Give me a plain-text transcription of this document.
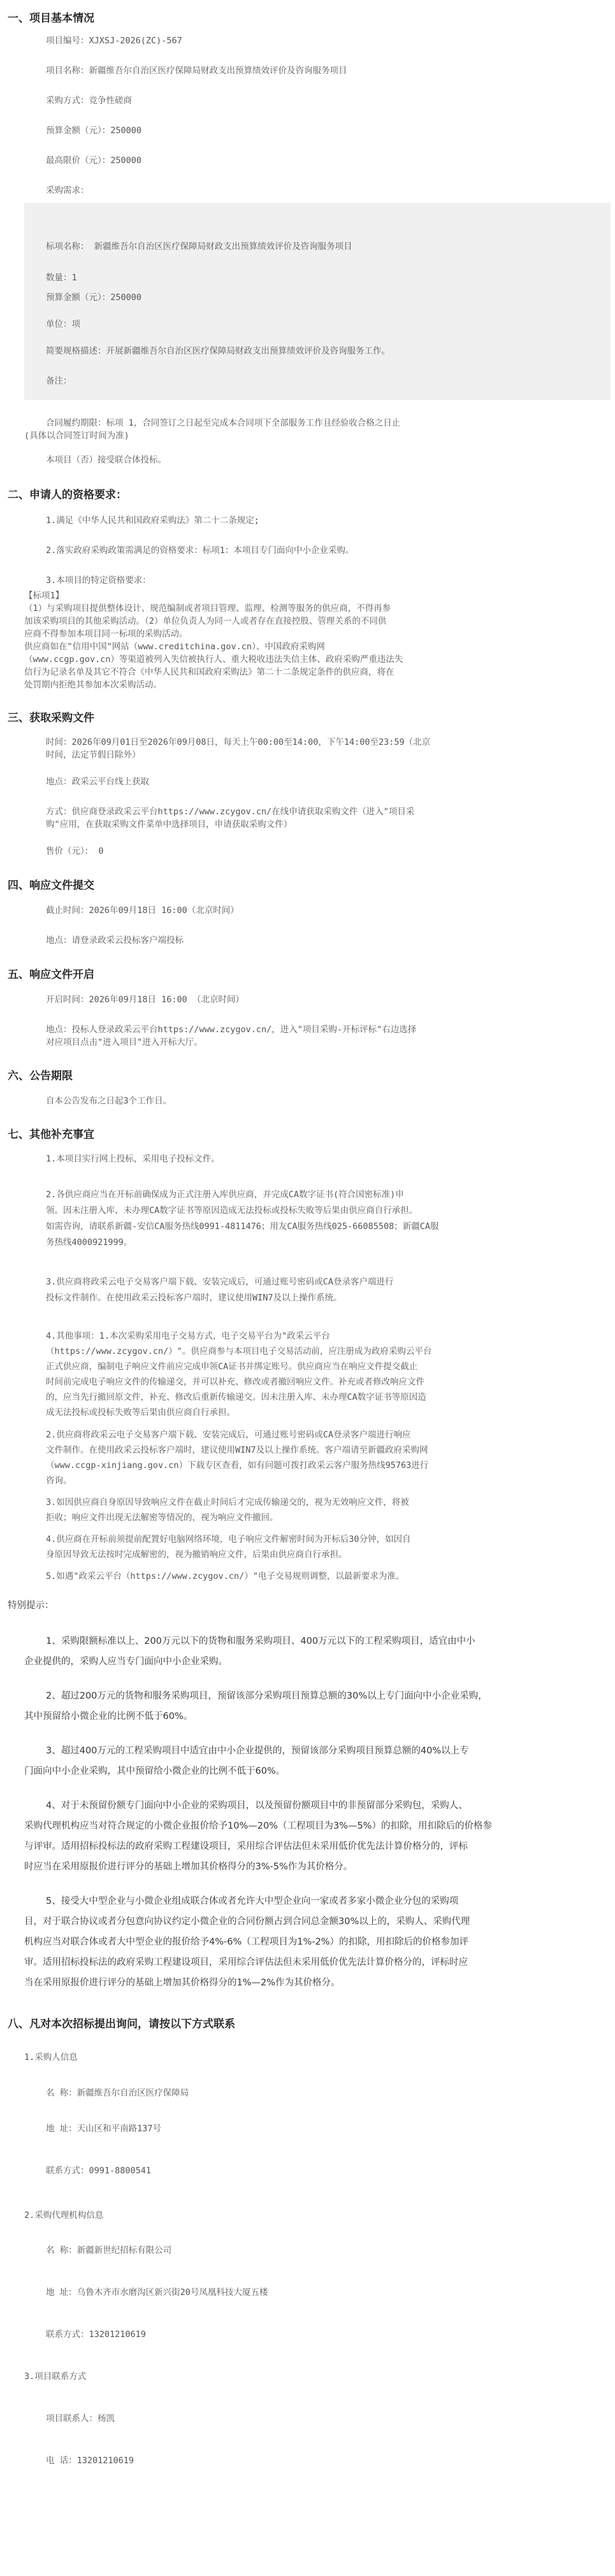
一、项目基本情况
项目编号：XJXSJ-2026(ZC)-567
项目名称：新疆维吾尔自治区医疗保障局财政支出预算绩效评价及咨询服务项目
采购方式：竞争性磋商
预算金额（元）：250000
最高限价（元）：250000
采购需求：
标项名称： 新疆维吾尔自治区医疗保障局财政支出预算绩效评价及咨询服务项目
数量：1
预算金额（元）：250000
单位：项
简要规格描述：开展新疆维吾尔自治区医疗保障局财政支出预算绩效评价及咨询服务工作。
备注：
合同履约期限：标项 1，合同签订之日起至完成本合同项下全部服务工作且经验收合格之日止
(具体以合同签订时间为准)
本项目（否）接受联合体投标。
二、申请人的资格要求：
1.满足《中华人民共和国政府采购法》第二十二条规定;
2.落实政府采购政策需满足的资格要求：标项1：本项目专门面向中小企业采购。
3.本项目的特定资格要求：
【标项1】
（1）与采购项目提供整体设计、规范编制或者项目管理、监理、检测等服务的供应商，不得再参
加该采购项目的其他采购活动。（2）单位负责人为同一人或者存在直接控股、管理关系的不同供
应商不得参加本项目同一标项的采购活动。
供应商如在"信用中国"网站（www.creditchina.gov.cn）、中国政府采购网
（www.ccgp.gov.cn）等渠道被列入失信被执行人、重大税收违法失信主体、政府采购严重违法失
信行为记录名单及其它不符合《中华人民共和国政府采购法》第二十二条规定条件的供应商，将在
处罚期内拒绝其参加本次采购活动。
三、获取采购文件
时间：2026年09月01日至2026年09月08日，每天上午00:00至14:00，下午14:00至23:59（北京
时间，法定节假日除外）
地点：政采云平台线上获取
方式：供应商登录政采云平台https://www.zcygov.cn/在线申请获取采购文件（进入"项目采
购"应用，在获取采购文件菜单中选择项目，申请获取采购文件）
售价（元）： 0
四、响应文件提交
截止时间：2026年09月18日 16:00（北京时间）
地点：请登录政采云投标客户端投标
五、响应文件开启
开启时间：2026年09月18日 16:00 （北京时间）
地点：投标人登录政采云平台https://www.zcygov.cn/，进入"项目采购-开标评标"右边选择
对应项目点击"进入项目"进入开标大厅。
六、公告期限
自本公告发布之日起3个工作日。
七、其他补充事宜
1.本项目实行网上投标，采用电子投标文件。
2.各供应商应当在开标前确保成为正式注册入库供应商，并完成CA数字证书(符合国密标准)申
领。因未注册入库、未办理CA数字证书等原因造成无法投标或投标失败等后果由供应商自行承担。
如需咨询，请联系新疆-安信CA服务热线0991-4811476；用友CA服务热线025-66085508；新疆CA服
务热线4000921999。
3.供应商将政采云电子交易客户端下载、安装完成后，可通过账号密码或CA登录客户端进行
投标文件制作。在使用政采云投标客户端时，建议使用WIN7及以上操作系统。
4.其他事项：1.本次采购采用电子交易方式，电子交易平台为"政采云平台
（https://www.zcygov.cn/）"。供应商参与本项目电子交易活动前，应注册成为政府采购云平台
正式供应商，编制电子响应文件前应完成申领CA证书并绑定账号。供应商应当在响应文件提交截止
时间前完成电子响应文件的传输递交，并可以补充、修改或者撤回响应文件。补充或者修改响应文件
的，应当先行撤回原文件，补充、修改后重新传输递交。因未注册入库、未办理CA数字证书等原因造
成无法投标或投标失败等后果由供应商自行承担。
2.供应商将政采云电子交易客户端下载、安装完成后，可通过账号密码或CA登录客户端进行响应
文件制作。在使用政采云投标客户端时，建议使用WIN7及以上操作系统。客户端请至新疆政府采购网
（www.ccgp-xinjiang.gov.cn）下载专区查看，如有问题可拨打政采云客户服务热线95763进行
咨询。
3.如因供应商自身原因导致响应文件在截止时间后才完成传输递交的，视为无效响应文件，将被
拒收；响应文件出现无法解密等情况的，视为响应文件撤回。
4.供应商在开标前须提前配置好电脑网络环境，电子响应文件解密时间为开标后30分钟，如因自
身原因导致无法按时完成解密的，视为撤销响应文件，后果由供应商自行承担。
5.如遇"政采云平台（https://www.zcygov.cn/）"电子交易规则调整，以最新要求为准。
特别提示：
1、采购限额标准以上、200万元以下的货物和服务采购项目、400万元以下的工程采购项目，适宜由中小
企业提供的，采购人应当专门面向中小企业采购。
2、超过200万元的货物和服务采购项目，预留该部分采购项目预算总额的30%以上专门面向中小企业采购，
其中预留给小微企业的比例不低于60%。
3、超过400万元的工程采购项目中适宜由中小企业提供的，预留该部分采购项目预算总额的40%以上专
门面向中小企业采购，其中预留给小微企业的比例不低于60%。
4、对于未预留份额专门面向中小企业的采购项目，以及预留份额项目中的非预留部分采购包，采购人、
采购代理机构应当对符合规定的小微企业报价给予10%—20%（工程项目为3%—5%）的扣除，用扣除后的价格参
与评审。适用招标投标法的政府采购工程建设项目，采用综合评估法但未采用低价优先法计算价格分的，评标
时应当在采用原报价进行评分的基础上增加其价格得分的3%-5%作为其价格分。
5、接受大中型企业与小微企业组成联合体或者允许大中型企业向一家或者多家小微企业分包的采购项
目，对于联合协议或者分包意向协议约定小微企业的合同份额占到合同总金额30%以上的，采购人、采购代理
机构应当对联合体或者大中型企业的报价给予4%-6%（工程项目为1%-2%）的扣除，用扣除后的价格参加评
审。适用招标投标法的政府采购工程建设项目，采用综合评估法但未采用低价优先法计算价格分的，评标时应
当在采用原报价进行评分的基础上增加其价格得分的1%—2%作为其价格分。
八、凡对本次招标提出询问，请按以下方式联系
1.采购人信息
名 称：新疆维吾尔自治区医疗保障局
地 址：天山区和平南路137号
联系方式：0991-8800541
2.采购代理机构信息
名 称：新疆新世纪招标有限公司
地 址：乌鲁木齐市水磨沟区新兴街20号凤凰科技大厦五楼
联系方式：13201210619
3.项目联系方式
项目联系人：杨凯
电 话：13201210619
